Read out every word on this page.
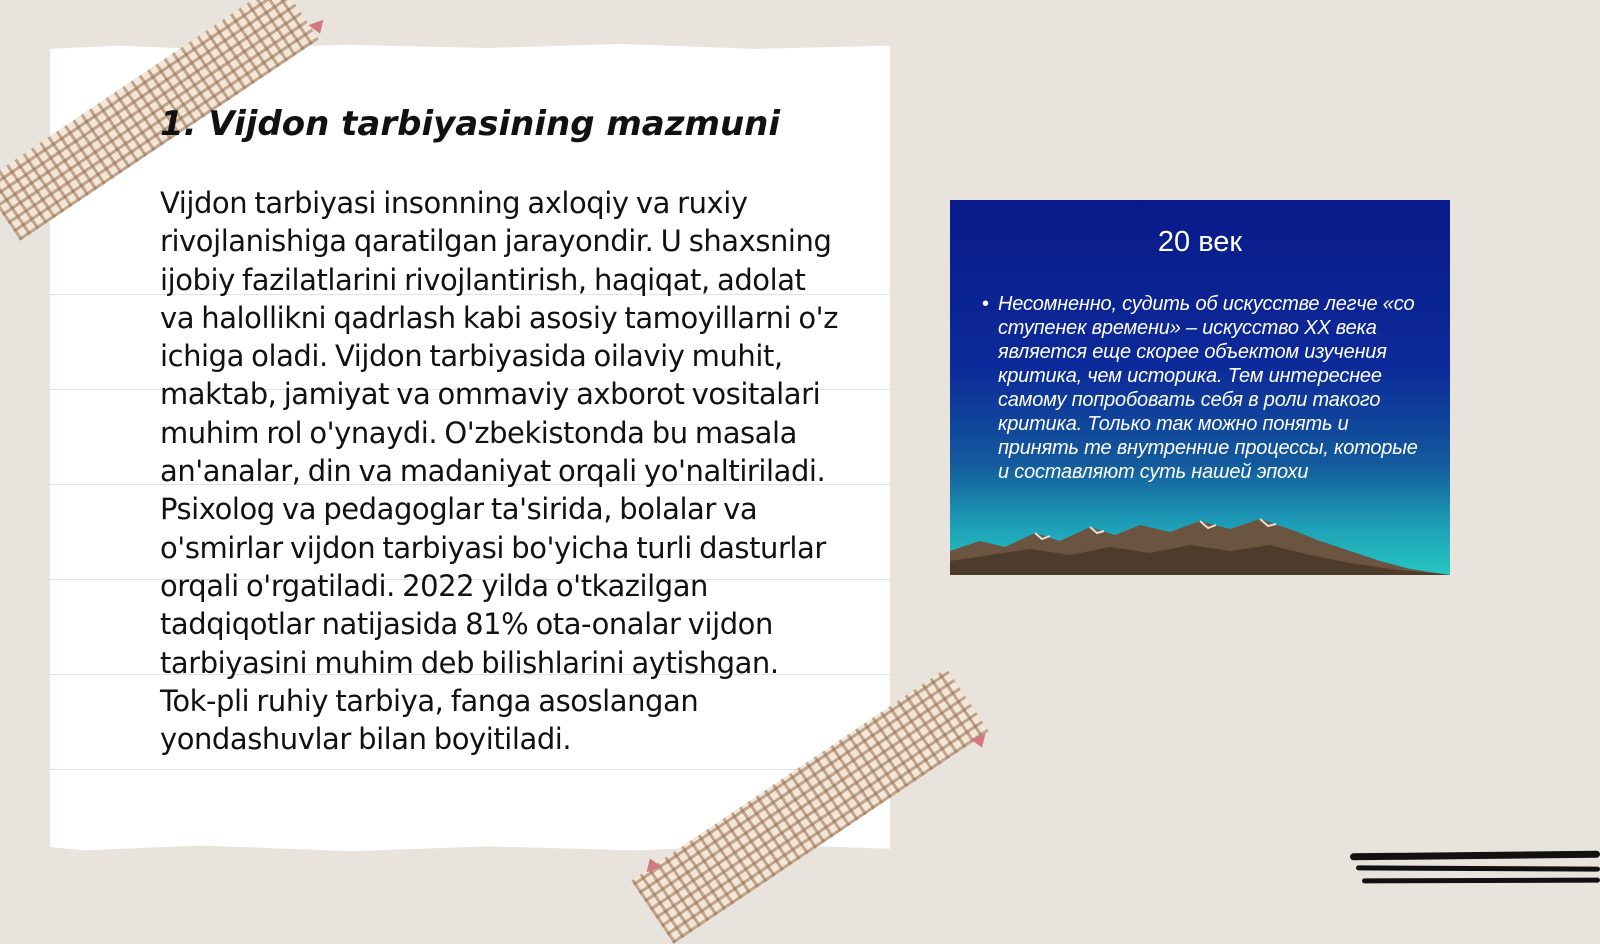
1. Vijdon tarbiyasining mazmuni

Vijdon tarbiyasi insonning axloqiy va ruxiy rivojlanishiga qaratilgan jarayondir. U shaxsning ijobiy fazilatlarini rivojlantirish, haqiqat, adolat va halollikni qadrlash kabi asosiy tamoyillarni o'z ichiga oladi. Vijdon tarbiyasida oilaviy muhit, maktab, jamiyat va ommaviy axborot vositalari muhim rol o'ynaydi. O'zbekistonda bu masala an'analar, din va madaniyat orqali yo'naltiriladi. Psixolog va pedagoglar ta'sirida, bolalar va o'smirlar vijdon tarbiyasi bo'yicha turli dasturlar orqali o'rgatiladi. 2022 yilda o'tkazilgan tadqiqotlar natijasida 81% ota-onalar vijdon tarbiyasini muhim deb bilishlarini aytishgan. Tok-pli ruhiy tarbiya, fanga asoslangan yondashuvlar bilan boyitiladi.

20 век
• Несомненно, судить об искусстве легче «со ступенек времени» – искусство XX века является еще скорее объектом изучения критика, чем историка. Тем интереснее самому попробовать себя в роли такого критика. Только так можно понять и принять те внутренние процессы, которые и составляют суть нашей эпохи
